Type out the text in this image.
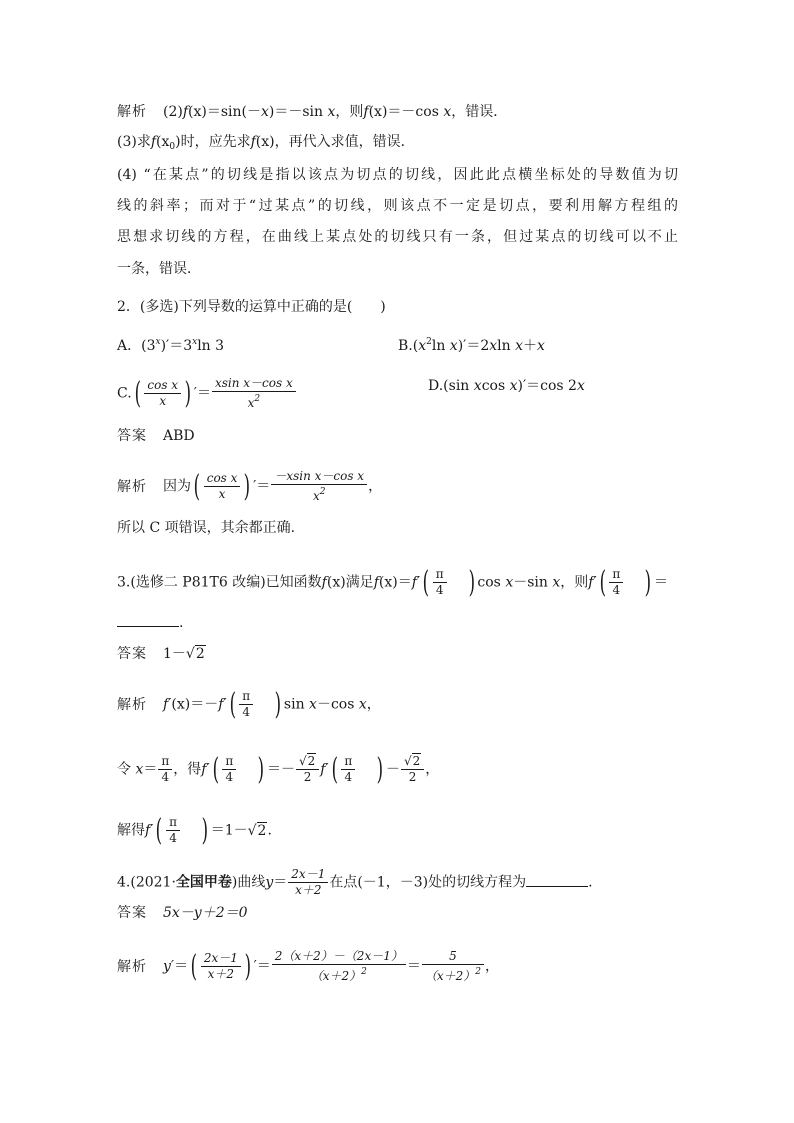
解析 (2)f(x)＝sin(－x)＝－sin x，则f(x)＝－cos x，错误．
(3)求$f(x_0)$时，应先求f(x)，再代入求值，错误．
(4) “在某点”的切线是指以该点为切点的切线，因此此点横坐标处的导数值为切
线的斜率；而对于“过某点”的切线，则该点不一定是切点，要利用解方程组的
思想求切线的方程，在曲线上某点处的切线只有一条，但过某点的切线可以不止
一条，错误．
2．(多选)下列导数的运算中正确的是(　　)
A．$(3^x)'=3^x\ln$ 3	$B.(x^2\ln$ x)′＝2xln x＋x
$C.( \frac{\text{cos x}}{x}$ ) ′＝ $\frac{\text{xsin x－cos x}}{x^2}$	D.(sin xcos x)′＝cos 2x
答案 ABD
解析 因为( $\frac{\text{cos x}}{x}$ ) ′＝ $\frac{\text{－xsin x－cos x}}{x^2}$ ，
所以 C 项错误，其余都正确.
3.(选修二 P81T6 改编)已知函数f(x)满足$f(x)=f'( \frac{\pi}{4}$ ) cos x－sin x，则$f'( \frac{\pi}{4}$ ) ＝
.
答案 1－√2
解析 $f'(x)=-f'( \frac{\pi}{4}$ ) sin x－cos x，
令 $x= \frac{\pi}{4}$ ，得$f'( \frac{\pi}{4}$ ) ＝－ $\frac{√2}{2} f'( \frac{\pi}{4}$ ) － $\frac{√2}{2}$ ，
解得$f'( \frac{\pi}{4}$ ) ＝1－√2.
4.(2021·全国甲卷)曲线$y= \frac{2x-1}{x+2}$ 在点(－1，－3)处的切线方程为	.
答案 5x－y＋2＝0
解析 $y'=( \frac{2x-1}{x+2}$ ) ′＝ $\frac{2(x+2)-(2x-1)}{(x+2)^2} = \frac{5}{(x+2)^2}$ ，
